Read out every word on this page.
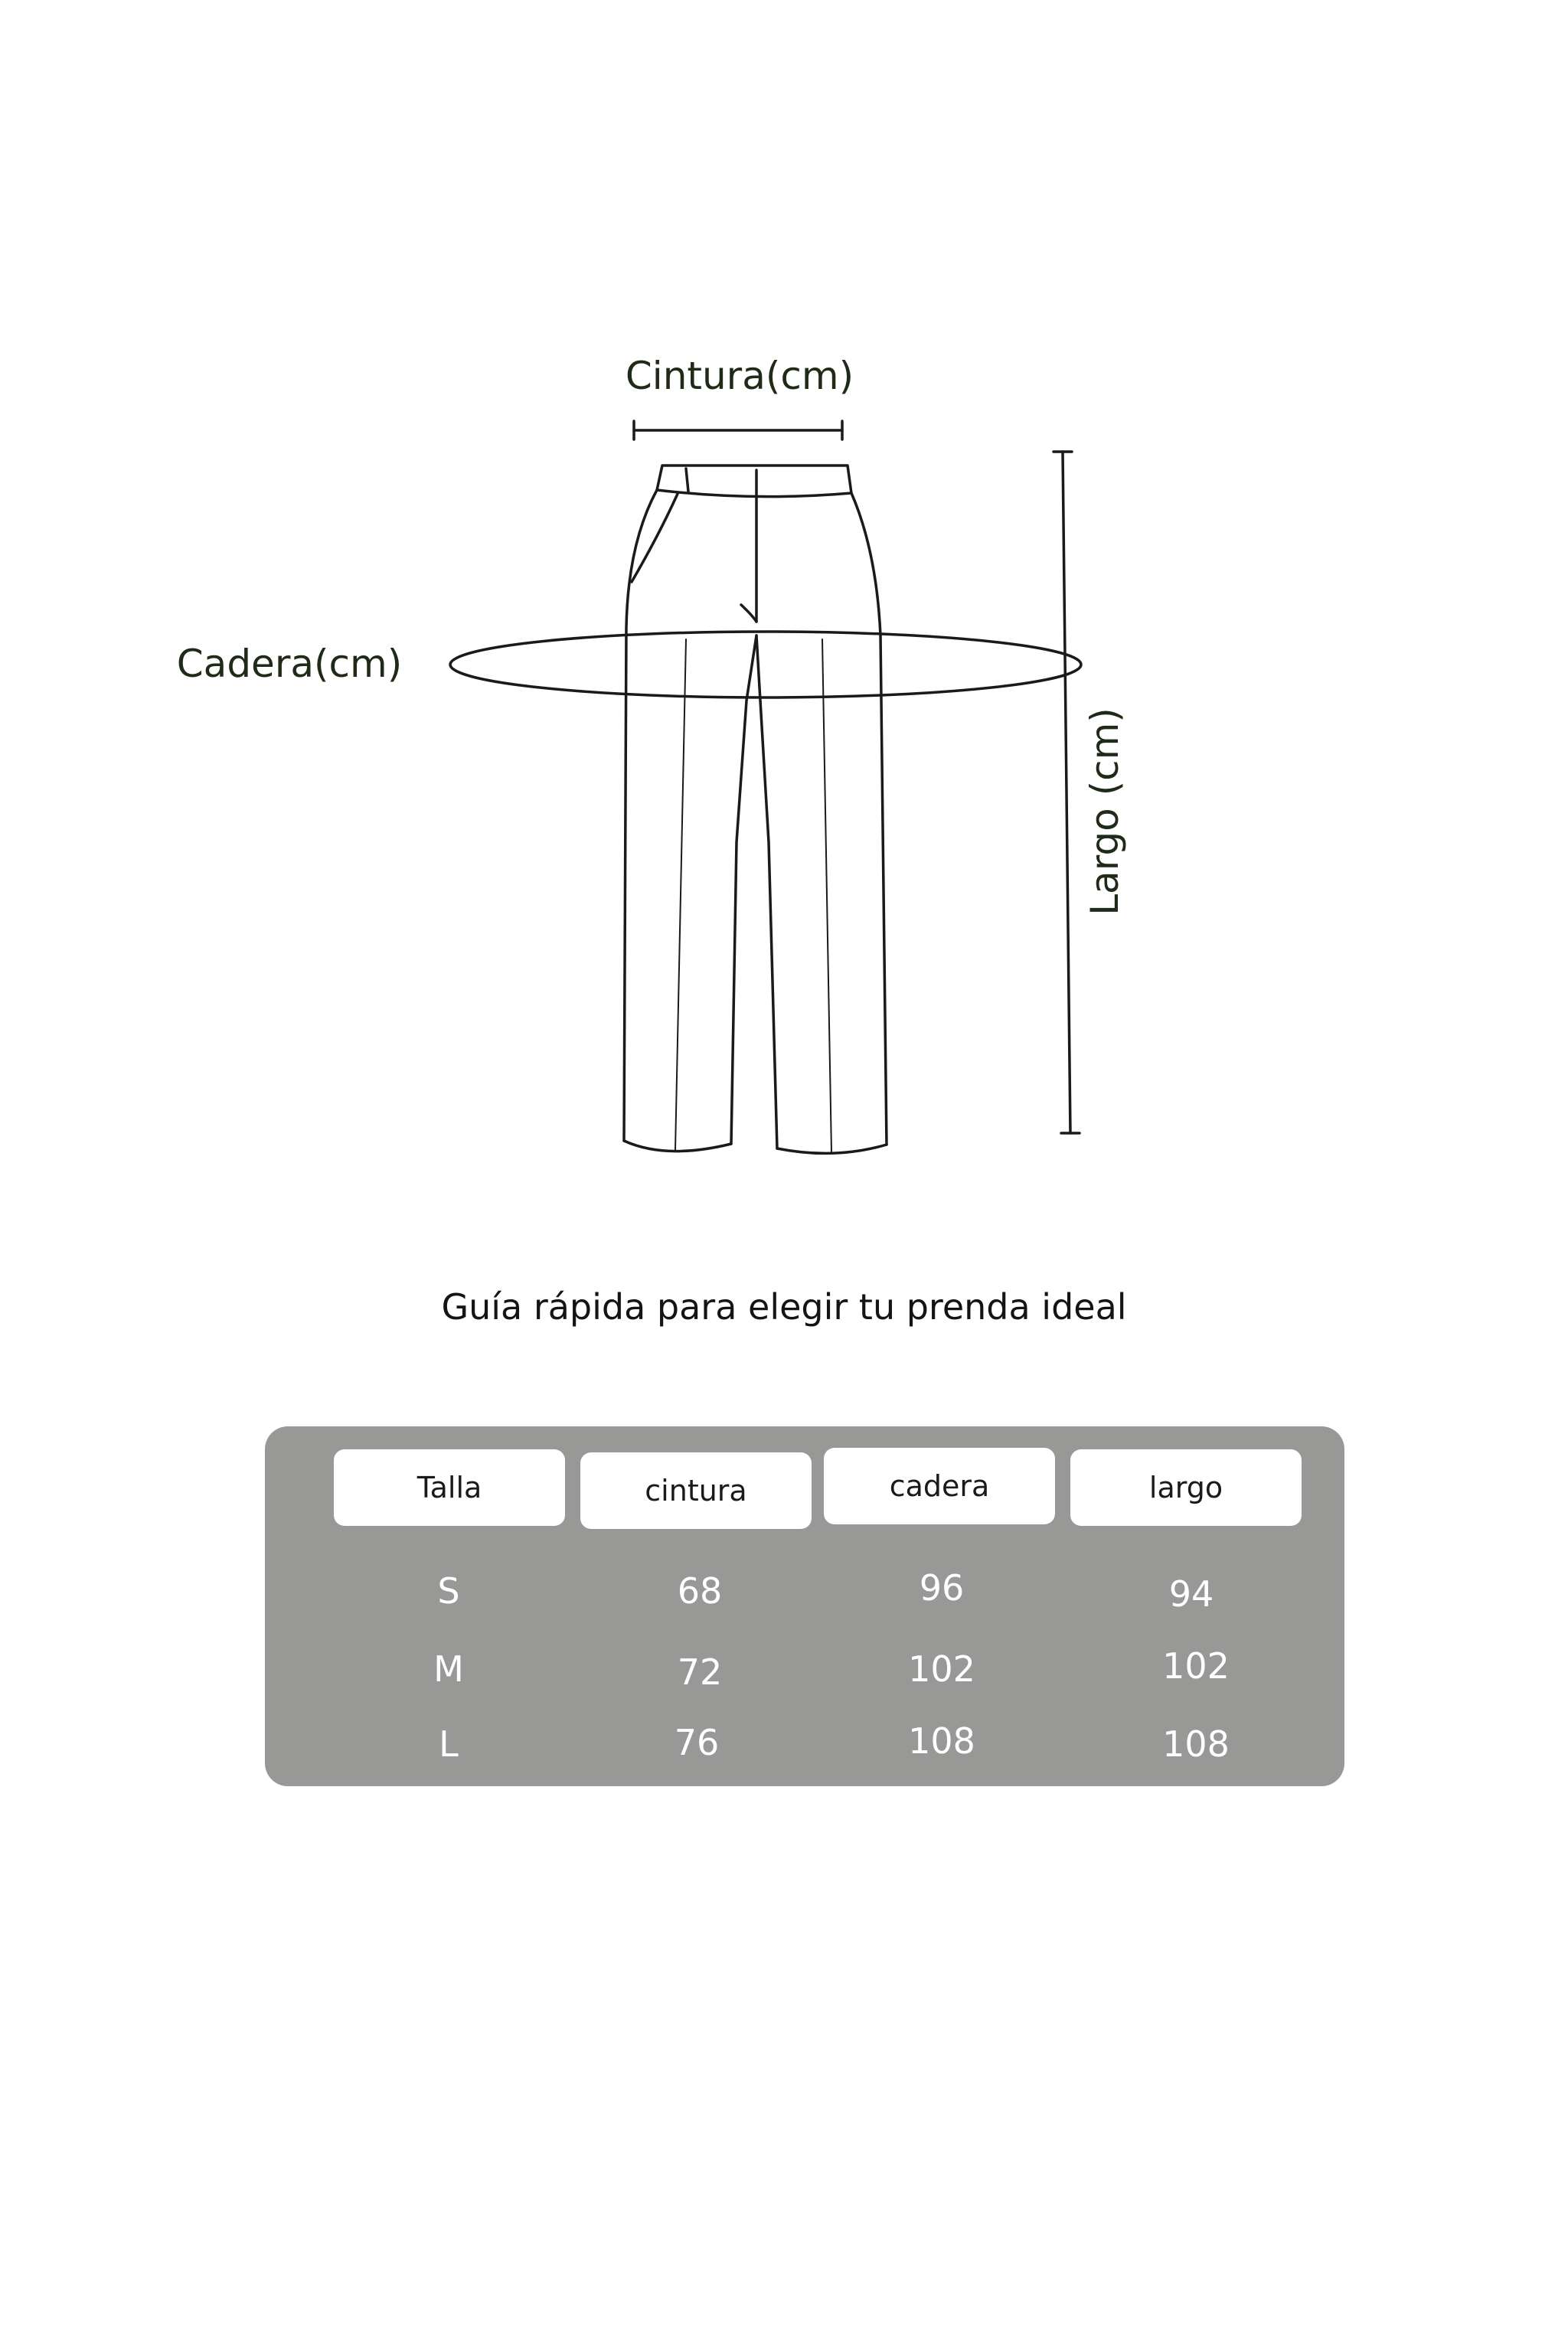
Cintura(cm)
Cadera(cm)
Largo (cm)
Guía rápida para elegir tu prenda ideal
Talla	cintura	cadera	largo
S	68	96	94
M	72	102	102
L	76	108	108
